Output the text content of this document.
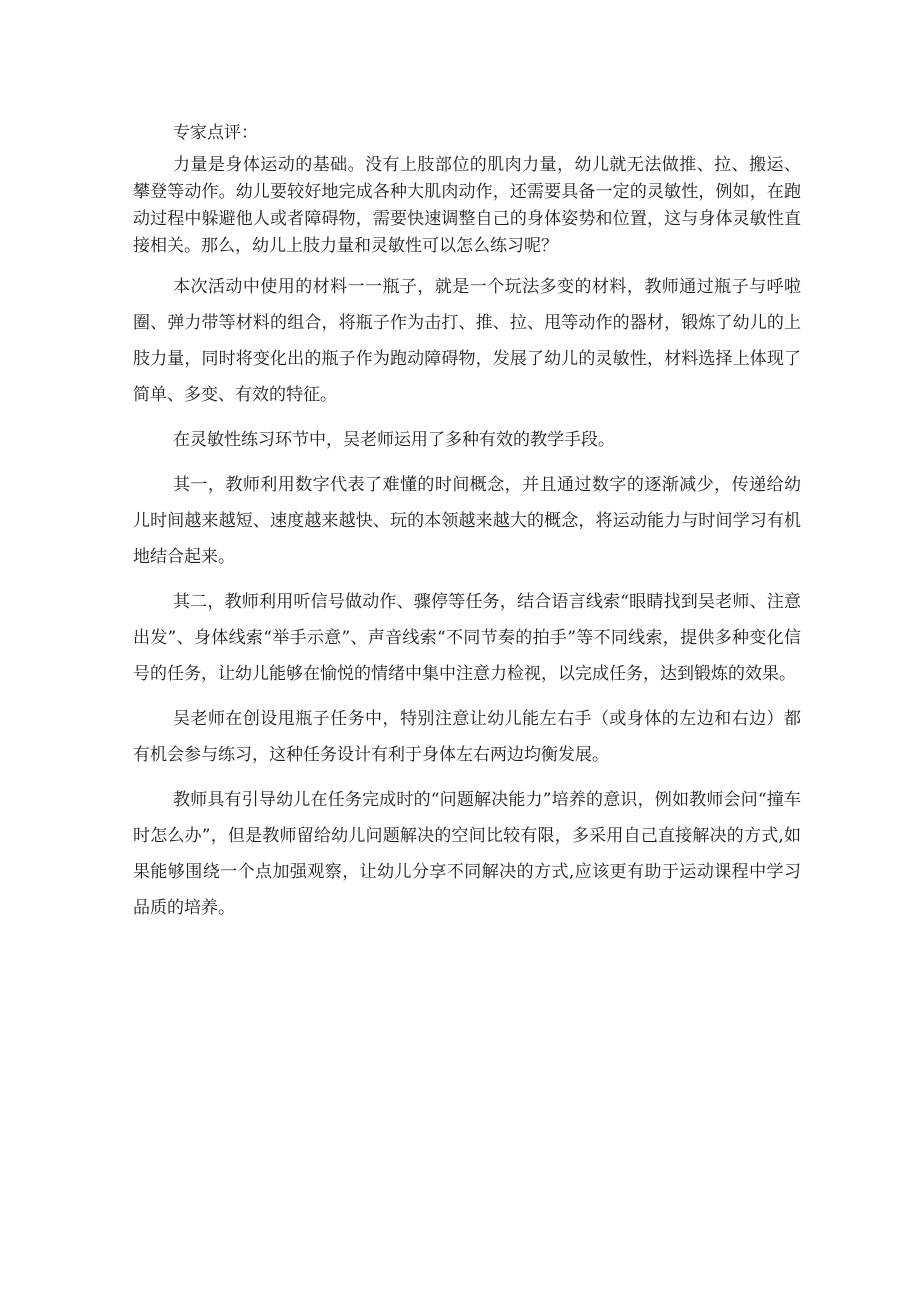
专家点评：

力量是身体运动的基础。没有上肢部位的肌肉力量，幼儿就无法做推、拉、搬运、攀登等动作。幼儿要较好地完成各种大肌肉动作，还需要具备一定的灵敏性，例如，在跑动过程中躲避他人或者障碍物，需要快速调整自己的身体姿势和位置，这与身体灵敏性直接相关。那么，幼儿上肢力量和灵敏性可以怎么练习呢？

本次活动中使用的材料一一瓶子，就是一个玩法多变的材料，教师通过瓶子与呼啦圈、弹力带等材料的组合，将瓶子作为击打、推、拉、甩等动作的器材，锻炼了幼儿的上肢力量，同时将变化出的瓶子作为跑动障碍物，发展了幼儿的灵敏性，材料选择上体现了简单、多变、有效的特征。

在灵敏性练习环节中，吴老师运用了多种有效的教学手段。

其一，教师利用数字代表了难懂的时间概念，并且通过数字的逐渐减少，传递给幼儿时间越来越短、速度越来越快、玩的本领越来越大的概念，将运动能力与时间学习有机地结合起来。

其二，教师利用听信号做动作、骤停等任务，结合语言线索“眼睛找到吴老师、注意出发”、身体线索“举手示意”、声音线索“不同节奏的拍手”等不同线索，提供多种变化信号的任务，让幼儿能够在愉悦的情绪中集中注意力检视，以完成任务，达到锻炼的效果。

吴老师在创设甩瓶子任务中，特别注意让幼儿能左右手（或身体的左边和右边）都有机会参与练习，这种任务设计有利于身体左右两边均衡发展。

教师具有引导幼儿在任务完成时的“问题解决能力”培养的意识，例如教师会问“撞车时怎么办”，但是教师留给幼儿问题解决的空间比较有限，多采用自己直接解决的方式,如果能够围绕一个点加强观察，让幼儿分享不同解决的方式,应该更有助于运动课程中学习品质的培养。
